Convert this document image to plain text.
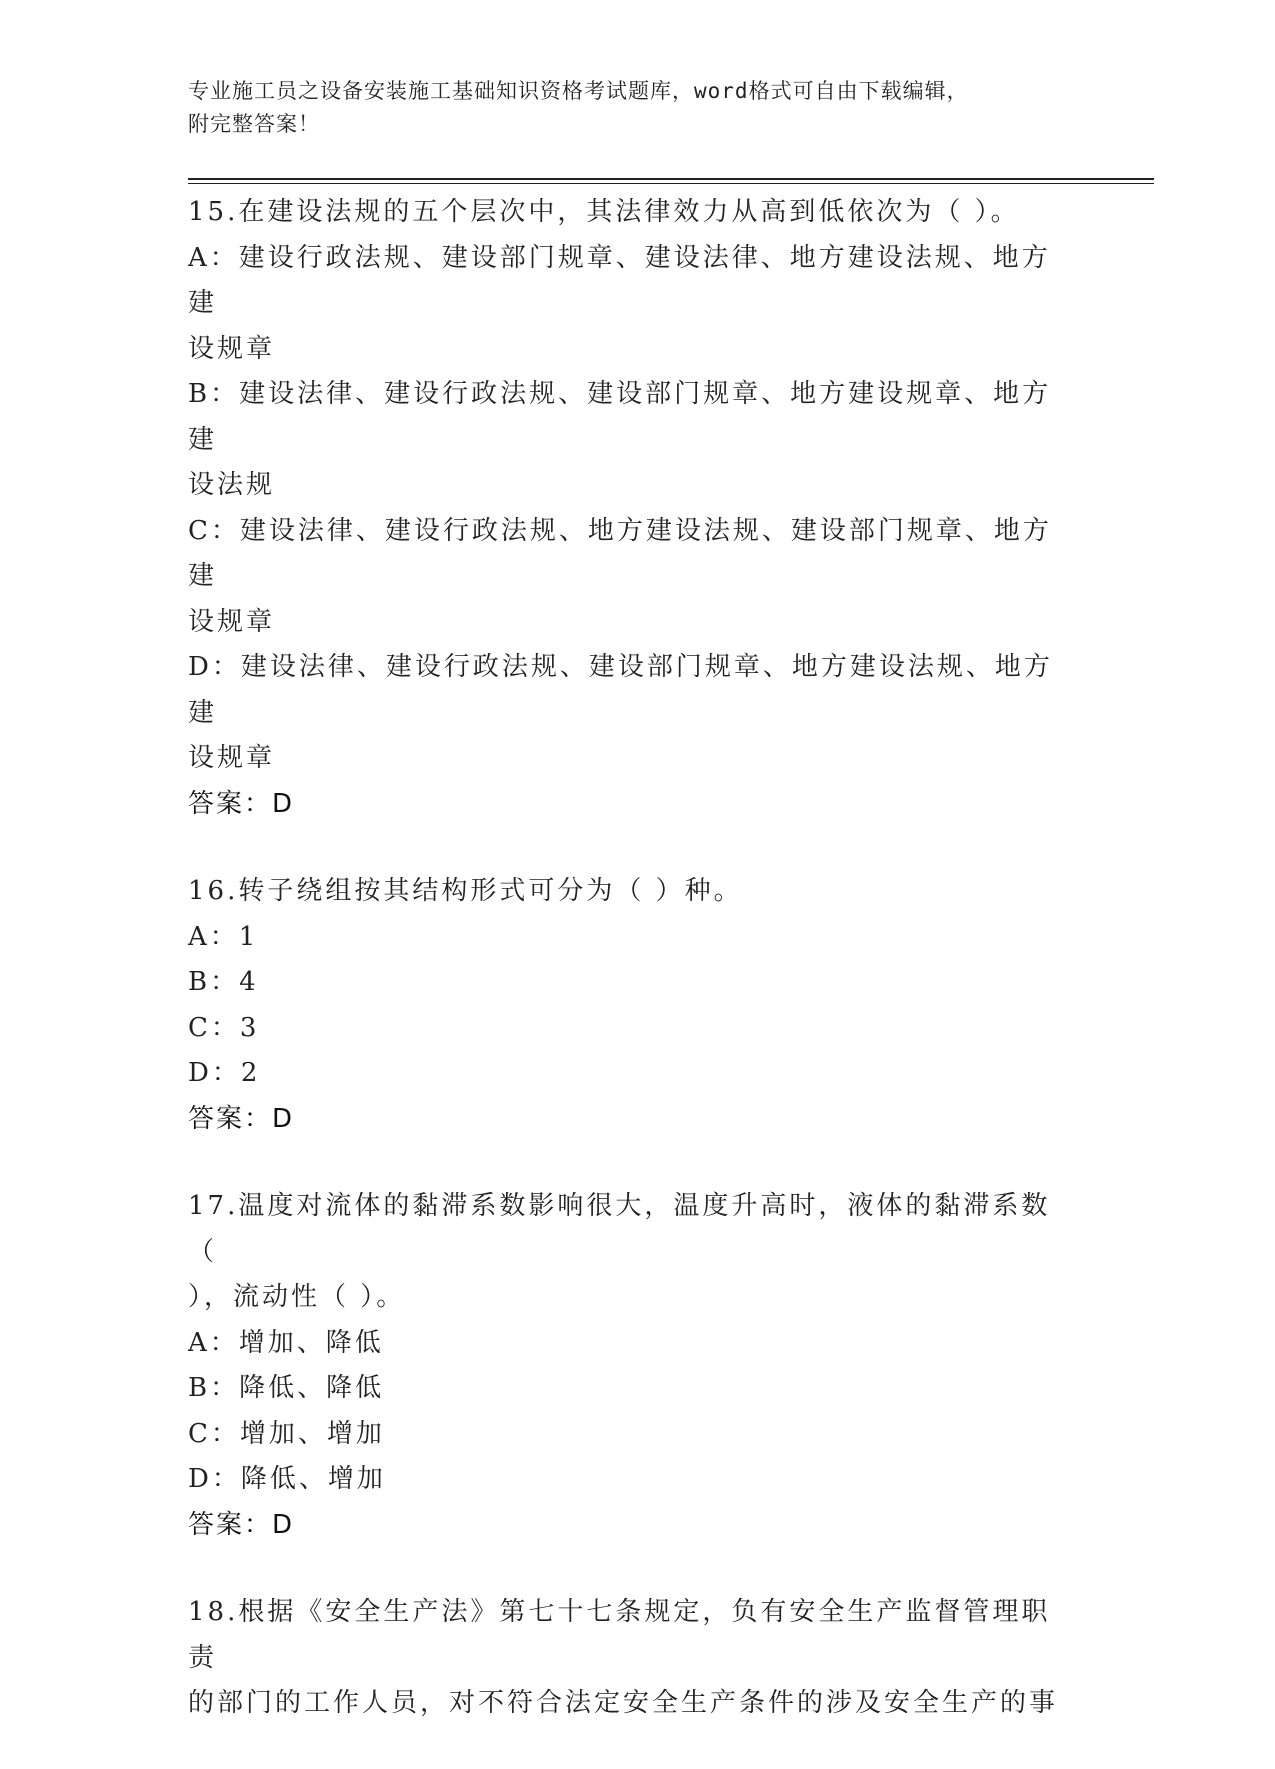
专业施工员之设备安装施工基础知识资格考试题库，word格式可自由下载编辑，
附完整答案！
15.在建设法规的五个层次中，其法律效力从高到低依次为（ ）。
A：建设行政法规、建设部门规章、建设法律、地方建设法规、地方建
设规章
B：建设法律、建设行政法规、建设部门规章、地方建设规章、地方建
设法规
C：建设法律、建设行政法规、地方建设法规、建设部门规章、地方建
设规章
D：建设法律、建设行政法规、建设部门规章、地方建设法规、地方建
设规章
答案：D
16.转子绕组按其结构形式可分为（ ）种。
A：1
B：4
C：3
D：2
答案：D
17.温度对流体的黏滞系数影响很大，温度升高时，液体的黏滞系数（
），流动性（ ）。
A：增加、降低
B：降低、降低
C：增加、增加
D：降低、增加
答案：D
18.根据《安全生产法》第七十七条规定，负有安全生产监督管理职责
的部门的工作人员，对不符合法定安全生产条件的涉及安全生产的事
